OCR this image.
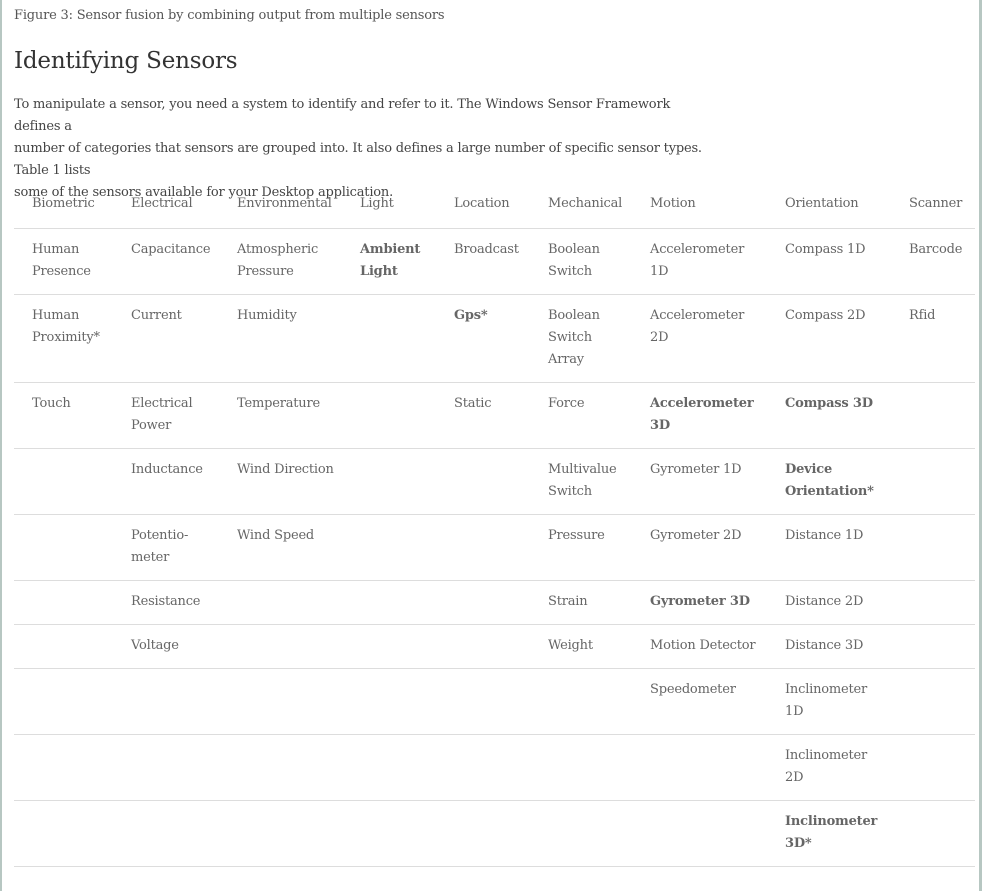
Figure 3: Sensor fusion by combining output from multiple sensors
Identifying Sensors

To manipulate a sensor, you need a system to identify and refer to it. The Windows Sensor Framework defines a
number of categories that sensors are grouped into. It also defines a large number of specific sensor types. Table 1 lists
some of the sensors available for your Desktop application.

Biometric	Electrical	Environmental	Light	Location	Mechanical	Motion	Orientation	Scanner
Human Presence	Capacitance	Atmospheric Pressure	Ambient Light	Broadcast	Boolean Switch	Accelerometer 1D	Compass 1D	Barcode
Human Proximity*	Current	Humidity		Gps*	Boolean Switch Array	Accelerometer 2D	Compass 2D	Rfid
Touch	Electrical Power	Temperature		Static	Force	Accelerometer 3D	Compass 3D	
	Inductance	Wind Direction			Multivalue Switch	Gyrometer 1D	Device Orientation*	
	Potentio-meter	Wind Speed			Pressure	Gyrometer 2D	Distance 1D	
	Resistance				Strain	Gyrometer 3D	Distance 2D	
	Voltage				Weight	Motion Detector	Distance 3D	
						Speedometer	Inclinometer 1D	
							Inclinometer 2D	
							Inclinometer 3D*	
